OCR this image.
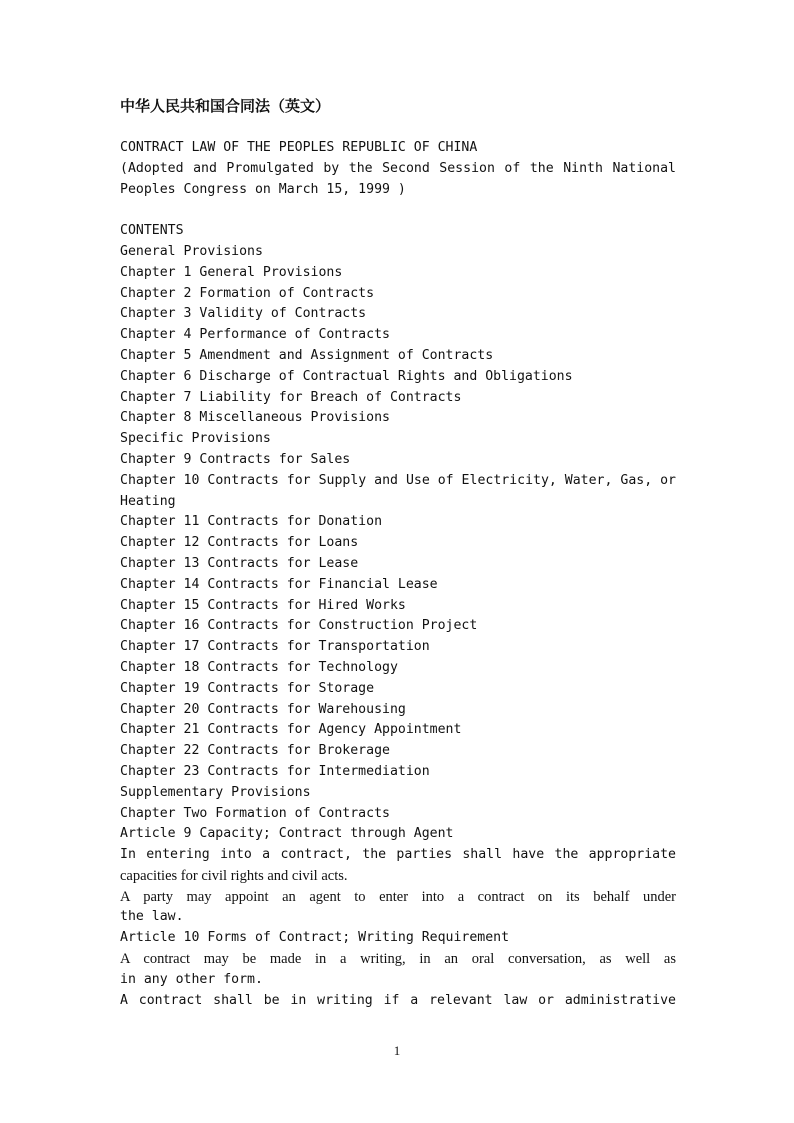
中华人民共和国合同法（英文）
CONTRACT LAW OF THE PEOPLES REPUBLIC OF CHINA
(Adopted and Promulgated by the Second Session of the Ninth National
Peoples Congress on March 15, 1999 )
CONTENTS
General Provisions
Chapter 1 General Provisions
Chapter 2 Formation of Contracts
Chapter 3 Validity of Contracts
Chapter 4 Performance of Contracts
Chapter 5 Amendment and Assignment of Contracts
Chapter 6 Discharge of Contractual Rights and Obligations
Chapter 7 Liability for Breach of Contracts
Chapter 8 Miscellaneous Provisions
Specific Provisions
Chapter 9 Contracts for Sales
Chapter 10 Contracts for Supply and Use of Electricity, Water, Gas, or
Heating
Chapter 11 Contracts for Donation
Chapter 12 Contracts for Loans
Chapter 13 Contracts for Lease
Chapter 14 Contracts for Financial Lease
Chapter 15 Contracts for Hired Works
Chapter 16 Contracts for Construction Project
Chapter 17 Contracts for Transportation
Chapter 18 Contracts for Technology
Chapter 19 Contracts for Storage
Chapter 20 Contracts for Warehousing
Chapter 21 Contracts for Agency Appointment
Chapter 22 Contracts for Brokerage
Chapter 23 Contracts for Intermediation
Supplementary Provisions
Chapter Two Formation of Contracts
Article 9 Capacity; Contract through Agent
In entering into a contract, the parties shall have the appropriate
capacities for civil rights and civil acts.
A party may appoint an agent to enter into a contract on its behalf under
the law.
Article 10 Forms of Contract; Writing Requirement
A contract may be made in a writing, in an oral conversation, as well as
in any other form.
A contract shall be in writing if a relevant law or administrative
1
